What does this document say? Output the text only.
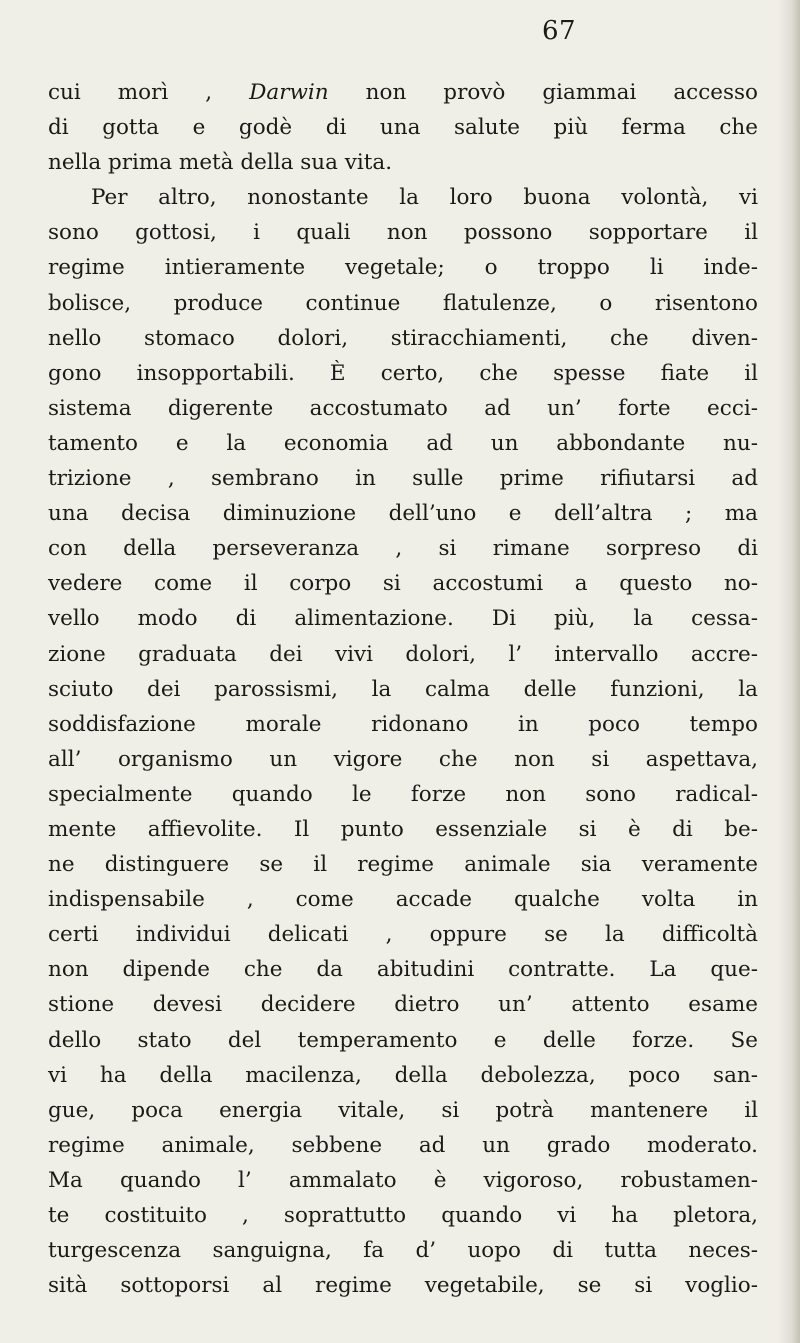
67
cui morì , Darwin non provò giammai accesso
di gotta e godè di una salute più ferma che
nella prima metà della sua vita.
Per altro, nonostante la loro buona volontà, vi
sono gottosi, i quali non possono sopportare il
regime intieramente vegetale; o troppo li inde-
bolisce, produce continue flatulenze, o risentono
nello stomaco dolori, stiracchiamenti, che diven-
gono insopportabili. È certo, che spesse fiate il
sistema digerente accostumato ad un’ forte ecci-
tamento e la economia ad un abbondante nu-
trizione , sembrano in sulle prime rifiutarsi ad
una decisa diminuzione dell’uno e dell’altra ; ma
con della perseveranza , si rimane sorpreso di
vedere come il corpo si accostumi a questo no-
vello modo di alimentazione. Di più, la cessa-
zione graduata dei vivi dolori, l’ intervallo accre-
sciuto dei parossismi, la calma delle funzioni, la
soddisfazione morale ridonano in poco tempo
all’ organismo un vigore che non si aspettava,
specialmente quando le forze non sono radical-
mente affievolite. Il punto essenziale si è di be-
ne distinguere se il regime animale sia veramente
indispensabile , come accade qualche volta in
certi individui delicati , oppure se la difficoltà
non dipende che da abitudini contratte. La que-
stione devesi decidere dietro un’ attento esame
dello stato del temperamento e delle forze. Se
vi ha della macilenza, della debolezza, poco san-
gue, poca energia vitale, si potrà mantenere il
regime animale, sebbene ad un grado moderato.
Ma quando l’ ammalato è vigoroso, robustamen-
te costituito , soprattutto quando vi ha pletora,
turgescenza sanguigna, fa d’ uopo di tutta neces-
sità sottoporsi al regime vegetabile, se si voglio-
